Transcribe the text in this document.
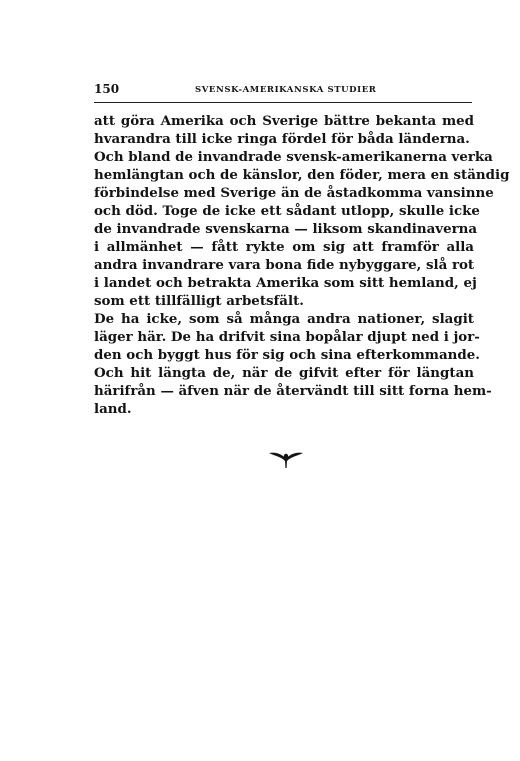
150	SVENSK-AMERIKANSKA STUDIER
att göra Amerika och Sverige bättre bekanta med
hvarandra till icke ringa fördel för båda länderna.
Och bland de invandrade svensk-amerikanerna verka
hemlängtan och de känslor, den föder, mera en ständig
förbindelse med Sverige än de åstadkomma vansinne
och död. Toge de icke ett sådant utlopp, skulle icke
de invandrade svenskarna — liksom skandinaverna
i allmänhet — fått rykte om sig att framför alla
andra invandrare vara bona fide nybyggare, slå rot
i landet och betrakta Amerika som sitt hemland, ej
som ett tillfälligt arbetsfält.
De ha icke, som så många andra nationer, slagit
läger här. De ha drifvit sina bopålar djupt ned i jor-
den och byggt hus för sig och sina efterkommande.
Och hit längta de, när de gifvit efter för längtan
härifrån — äfven när de återvändt till sitt forna hem-
land.
